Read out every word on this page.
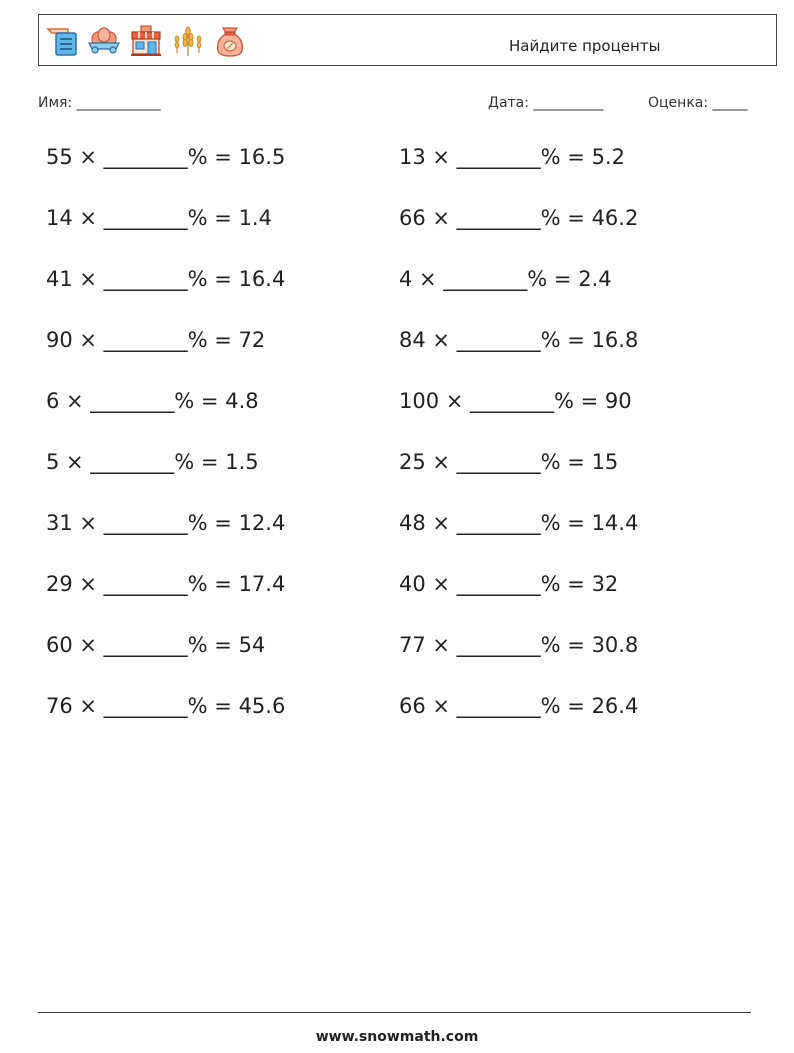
Найдите проценты
Имя: ____________	Дата: __________	Оценка: _____
55 × ________% = 16.5	13 × ________% = 5.2
14 × ________% = 1.4	66 × ________% = 46.2
41 × ________% = 16.4	4 × ________% = 2.4
90 × ________% = 72	84 × ________% = 16.8
6 × ________% = 4.8	100 × ________% = 90
5 × ________% = 1.5	25 × ________% = 15
31 × ________% = 12.4	48 × ________% = 14.4
29 × ________% = 17.4	40 × ________% = 32
60 × ________% = 54	77 × ________% = 30.8
76 × ________% = 45.6	66 × ________% = 26.4
www.snowmath.com
